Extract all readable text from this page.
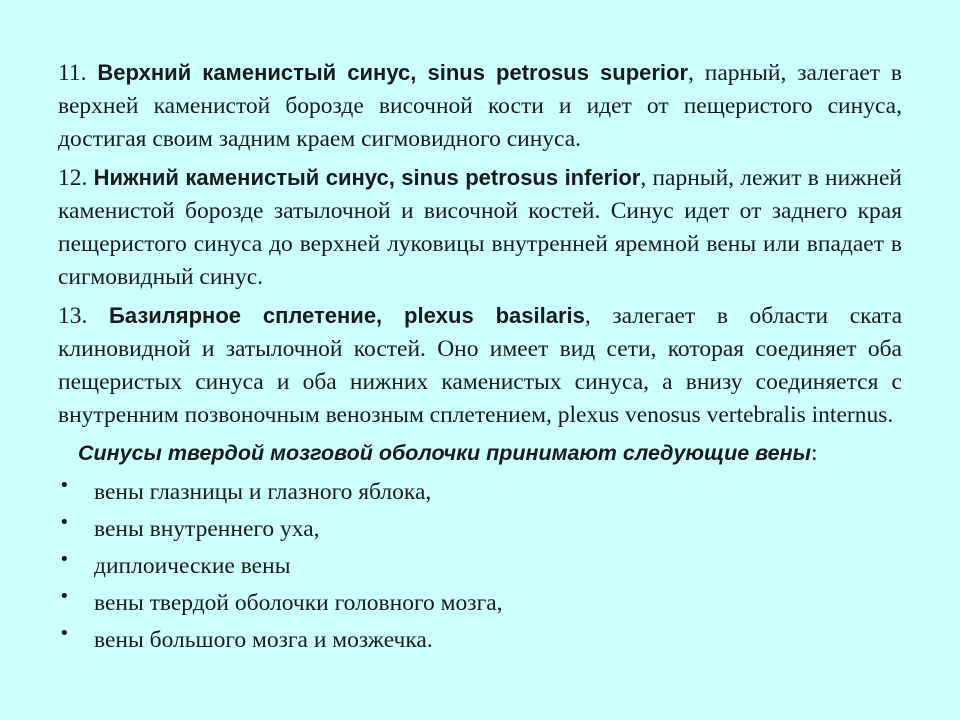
11. Верхний каменистый синус, sinus petrosus superior, парный, залегает в верхней каменистой борозде височной кости и идет от пещеристого синуса, достигая своим задним краем сигмовидного синуса.

12. Нижний каменистый синус, sinus petrosus inferior, парный, лежит в нижней каменистой борозде затылочной и височной костей. Синус идет от заднего края пещеристого синуса до верхней луковицы внутренней яремной вены или впадает в сигмовидный синус.

13. Базилярное сплетение, plexus basilaris, залегает в области ската клиновидной и затылочной костей. Оно имеет вид сети, которая соединяет оба пещеристых синуса и оба нижних каменистых синуса, а внизу соединяется с внутренним позвоночным венозным сплетением, plexus venosus vertebralis internus.

Синусы твердой мозговой оболочки принимают следующие вены:

• вены глазницы и глазного яблока,
• вены внутреннего уха,
• диплоические вены
• вены твердой оболочки головного мозга,
• вены большого мозга и мозжечка.
